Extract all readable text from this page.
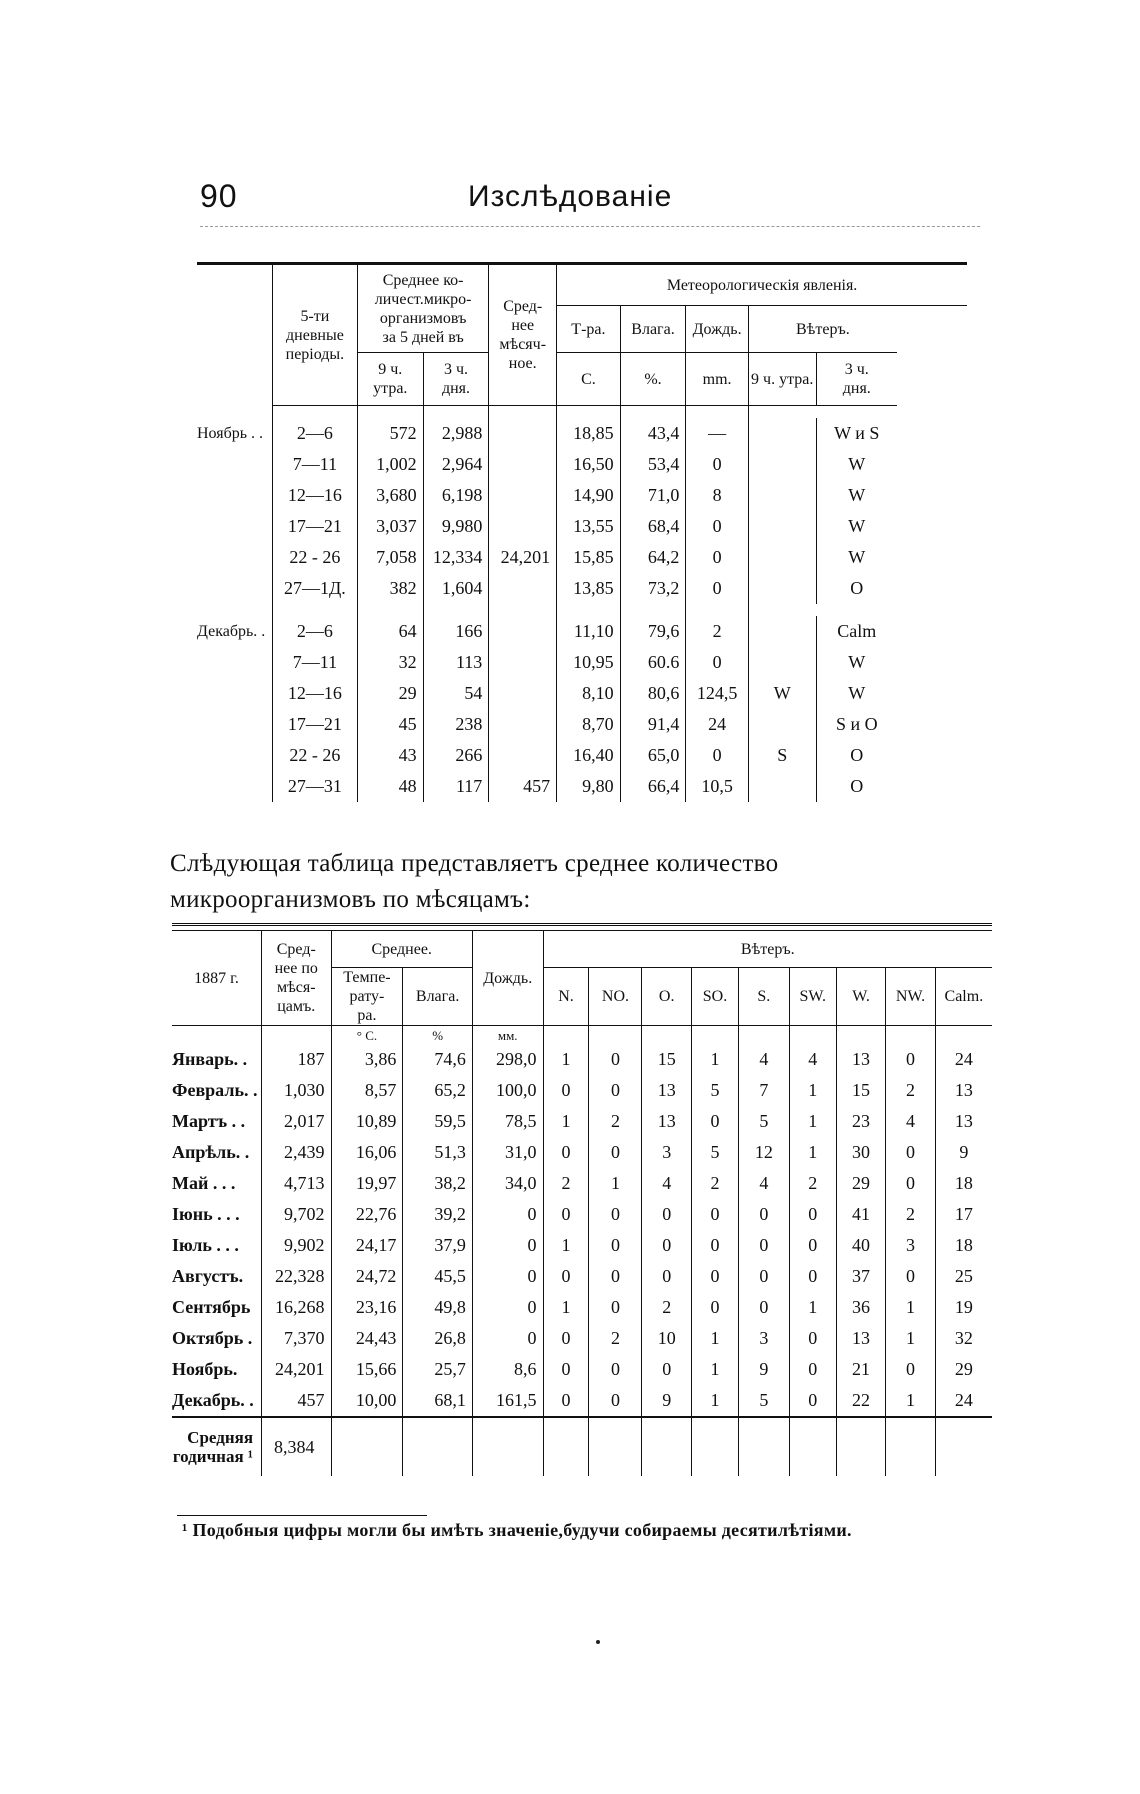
90	Изслѣдованіе
	5-ти
дневные
періоды.	Среднее ко-
личест.микро-
организмовъ
за 5 дней въ		Сред-
нее
мѣсяч-
ное.	Метеорологическія явленія.				
					Т-ра.	Влага.	Дождь.	Вѣтеръ.	
		9 ч.
утра.	3 ч.
дня.		C.	%.	mm.	9 ч. утра.	3 ч.
дня.

Ноябрь . .	2—6	572	2,988		18,85	43,4	—		W и S
	7—11	1,002	2,964		16,50	53,4	0		W
	12—16	3,680	6,198		14,90	71,0	8		W
	17—21	3,037	9,980		13,55	68,4	0		W
	22 - 26	7,058	12,334	24,201	15,85	64,2	0		W
	27—1Д.	382	1,604		13,85	73,2	0		O

Декабрь. .	2—6	64	166		11,10	79,6	2		Calm
	7—11	32	113		10,95	60.6	0		W
	12—16	29	54		8,10	80,6	124,5	W	W
	17—21	45	238		8,70	91,4	24		S и O
	22 - 26	43	266		16,40	65,0	0	S	O
	27—31	48	117	457	9,80	66,4	10,5		O
Слѣдующая таблица представляетъ среднее количество микроорганизмовъ по мѣсяцамъ:
1887 г.	Сред-
нее по
мѣся-
цамъ.	Среднее.		Дождь.	Вѣтеръ.								
		Темпе-
рату-
ра.	Влага.		N.	NO.	O.	SO.	S.	SW.	W.	NW.	Calm.
		° C.	%	мм.									
Январь. .	187	3,86	74,6	298,0	1	0	15	1	4	4	13	0	24
Февраль. .	1,030	8,57	65,2	100,0	0	0	13	5	7	1	15	2	13
Мартъ . .	2,017	10,89	59,5	78,5	1	2	13	0	5	1	23	4	13
Апрѣль. .	2,439	16,06	51,3	31,0	0	0	3	5	12	1	30	0	9
Май . . .	4,713	19,97	38,2	34,0	2	1	4	2	4	2	29	0	18
Іюнь . . .	9,702	22,76	39,2	0	0	0	0	0	0	0	41	2	17
Іюль . . .	9,902	24,17	37,9	0	1	0	0	0	0	0	40	3	18
Августъ.	22,328	24,72	45,5	0	0	0	0	0	0	0	37	0	25
Сентябрь	16,268	23,16	49,8	0	1	0	2	0	0	1	36	1	19
Октябрь .	7,370	24,43	26,8	0	0	2	10	1	3	0	13	1	32
Ноябрь.	24,201	15,66	25,7	8,6	0	0	0	1	9	0	21	0	29
Декабрь. .	457	10,00	68,1	161,5	0	0	9	1	5	0	22	1	24
Средняя
годичная ¹	8,384												
¹ Подобныя цифры могли бы имѣть значеніе,будучи собираемы десятилѣтіями.
